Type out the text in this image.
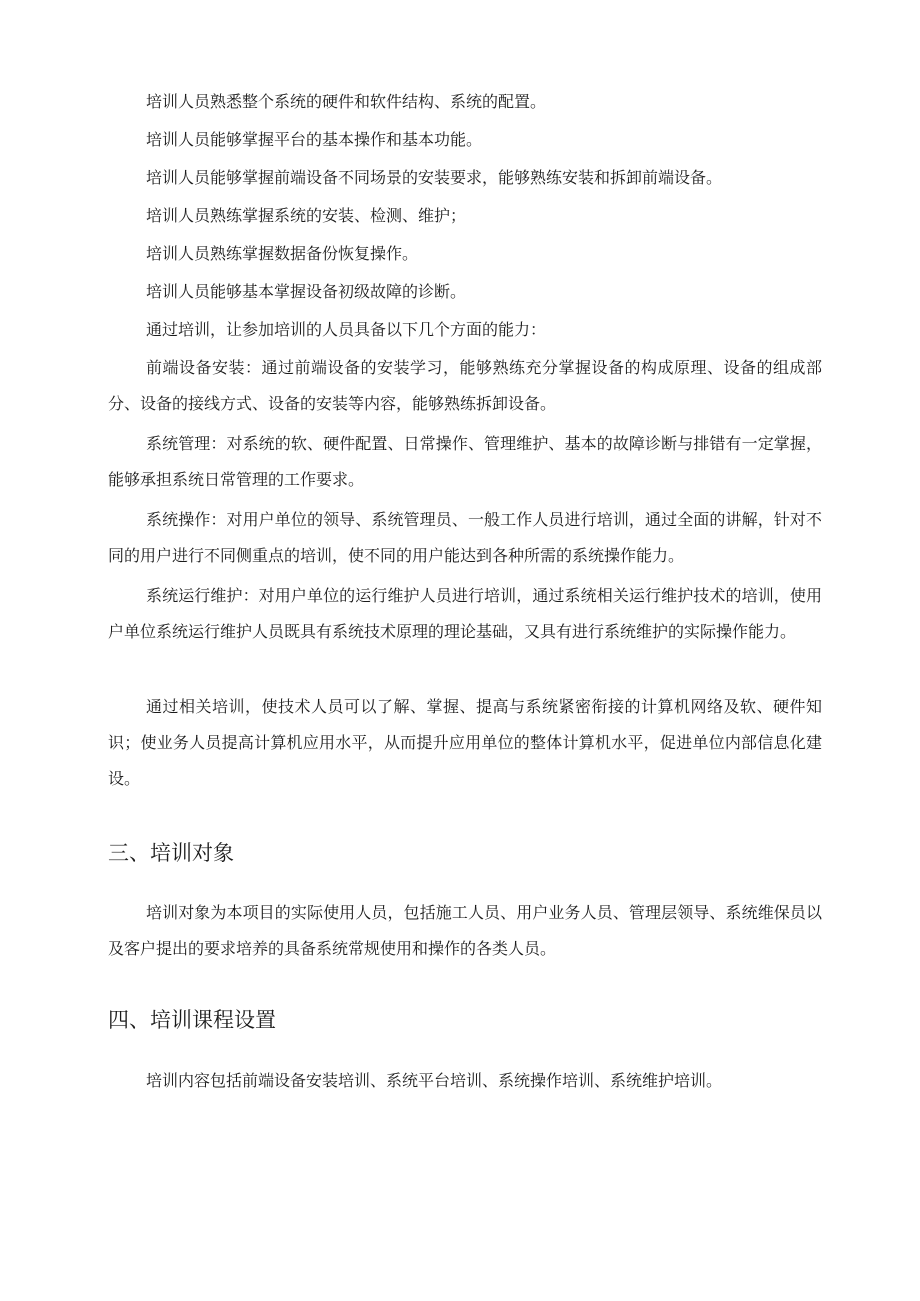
培训人员熟悉整个系统的硬件和软件结构、系统的配置。

培训人员能够掌握平台的基本操作和基本功能。

培训人员能够掌握前端设备不同场景的安装要求，能够熟练安装和拆卸前端设备。

培训人员熟练掌握系统的安装、检测、维护；

培训人员熟练掌握数据备份恢复操作。

培训人员能够基本掌握设备初级故障的诊断。

通过培训，让参加培训的人员具备以下几个方面的能力：

前端设备安装：通过前端设备的安装学习，能够熟练充分掌握设备的构成原理、设备的组成部分、设备的接线方式、设备的安装等内容，能够熟练拆卸设备。

系统管理：对系统的软、硬件配置、日常操作、管理维护、基本的故障诊断与排错有一定掌握，能够承担系统日常管理的工作要求。

系统操作：对用户单位的领导、系统管理员、一般工作人员进行培训，通过全面的讲解，针对不同的用户进行不同侧重点的培训，使不同的用户能达到各种所需的系统操作能力。

系统运行维护：对用户单位的运行维护人员进行培训，通过系统相关运行维护技术的培训，使用户单位系统运行维护人员既具有系统技术原理的理论基础，又具有进行系统维护的实际操作能力。

通过相关培训，使技术人员可以了解、掌握、提高与系统紧密衔接的计算机网络及软、硬件知识；使业务人员提高计算机应用水平，从而提升应用单位的整体计算机水平，促进单位内部信息化建设。

三、培训对象

培训对象为本项目的实际使用人员，包括施工人员、用户业务人员、管理层领导、系统维保员以及客户提出的要求培养的具备系统常规使用和操作的各类人员。

四、培训课程设置

培训内容包括前端设备安装培训、系统平台培训、系统操作培训、系统维护培训。
